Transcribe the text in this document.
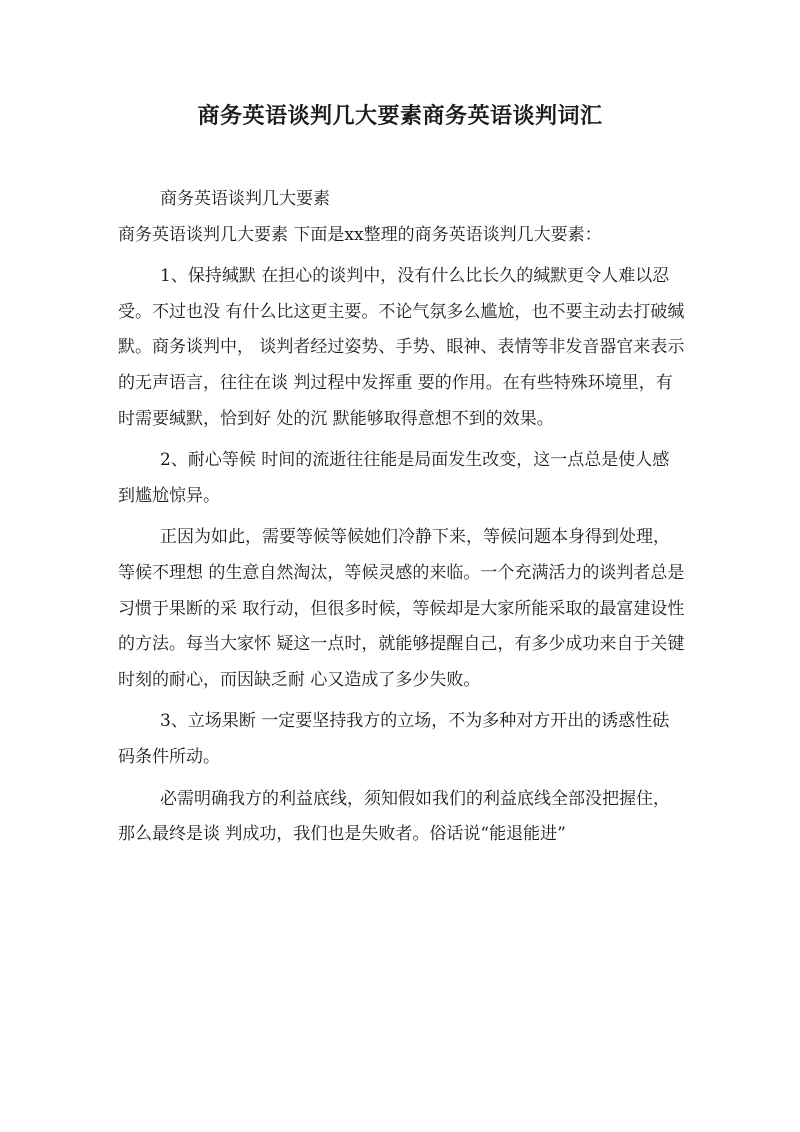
商务英语谈判几大要素商务英语谈判词汇

商务英语谈判几大要素

商务英语谈判几大要素 下面是xx整理的商务英语谈判几大要素：

1、保持缄默 在担心的谈判中，没有什么比长久的缄默更令人难以忍受。不过也没 有什么比这更主要。不论气氛多么尴尬，也不要主动去打破缄默。商务谈判中， 谈判者经过姿势、手势、眼神、表情等非发音器官来表示的无声语言，往往在谈 判过程中发挥重 要的作用。在有些特殊环境里，有时需要缄默，恰到好 处的沉 默能够取得意想不到的效果。

2、耐心等候 时间的流逝往往能是局面发生改变，这一点总是使人感到尴尬惊异。

正因为如此，需要等候等候她们冷静下来，等候问题本身得到处理，等候不理想 的生意自然淘汰，等候灵感的来临。一个充满活力的谈判者总是习惯于果断的采 取行动，但很多时候，等候却是大家所能采取的最富建设性的方法。每当大家怀 疑这一点时，就能够提醒自己，有多少成功来自于关键时刻的耐心，而因缺乏耐 心又造成了多少失败。

3、立场果断 一定要坚持我方的立场，不为多种对方开出的诱惑性砝码条件所动。

必需明确我方的利益底线，须知假如我们的利益底线全部没把握住，那么最终是谈 判成功，我们也是失败者。俗话说“能退能进”
